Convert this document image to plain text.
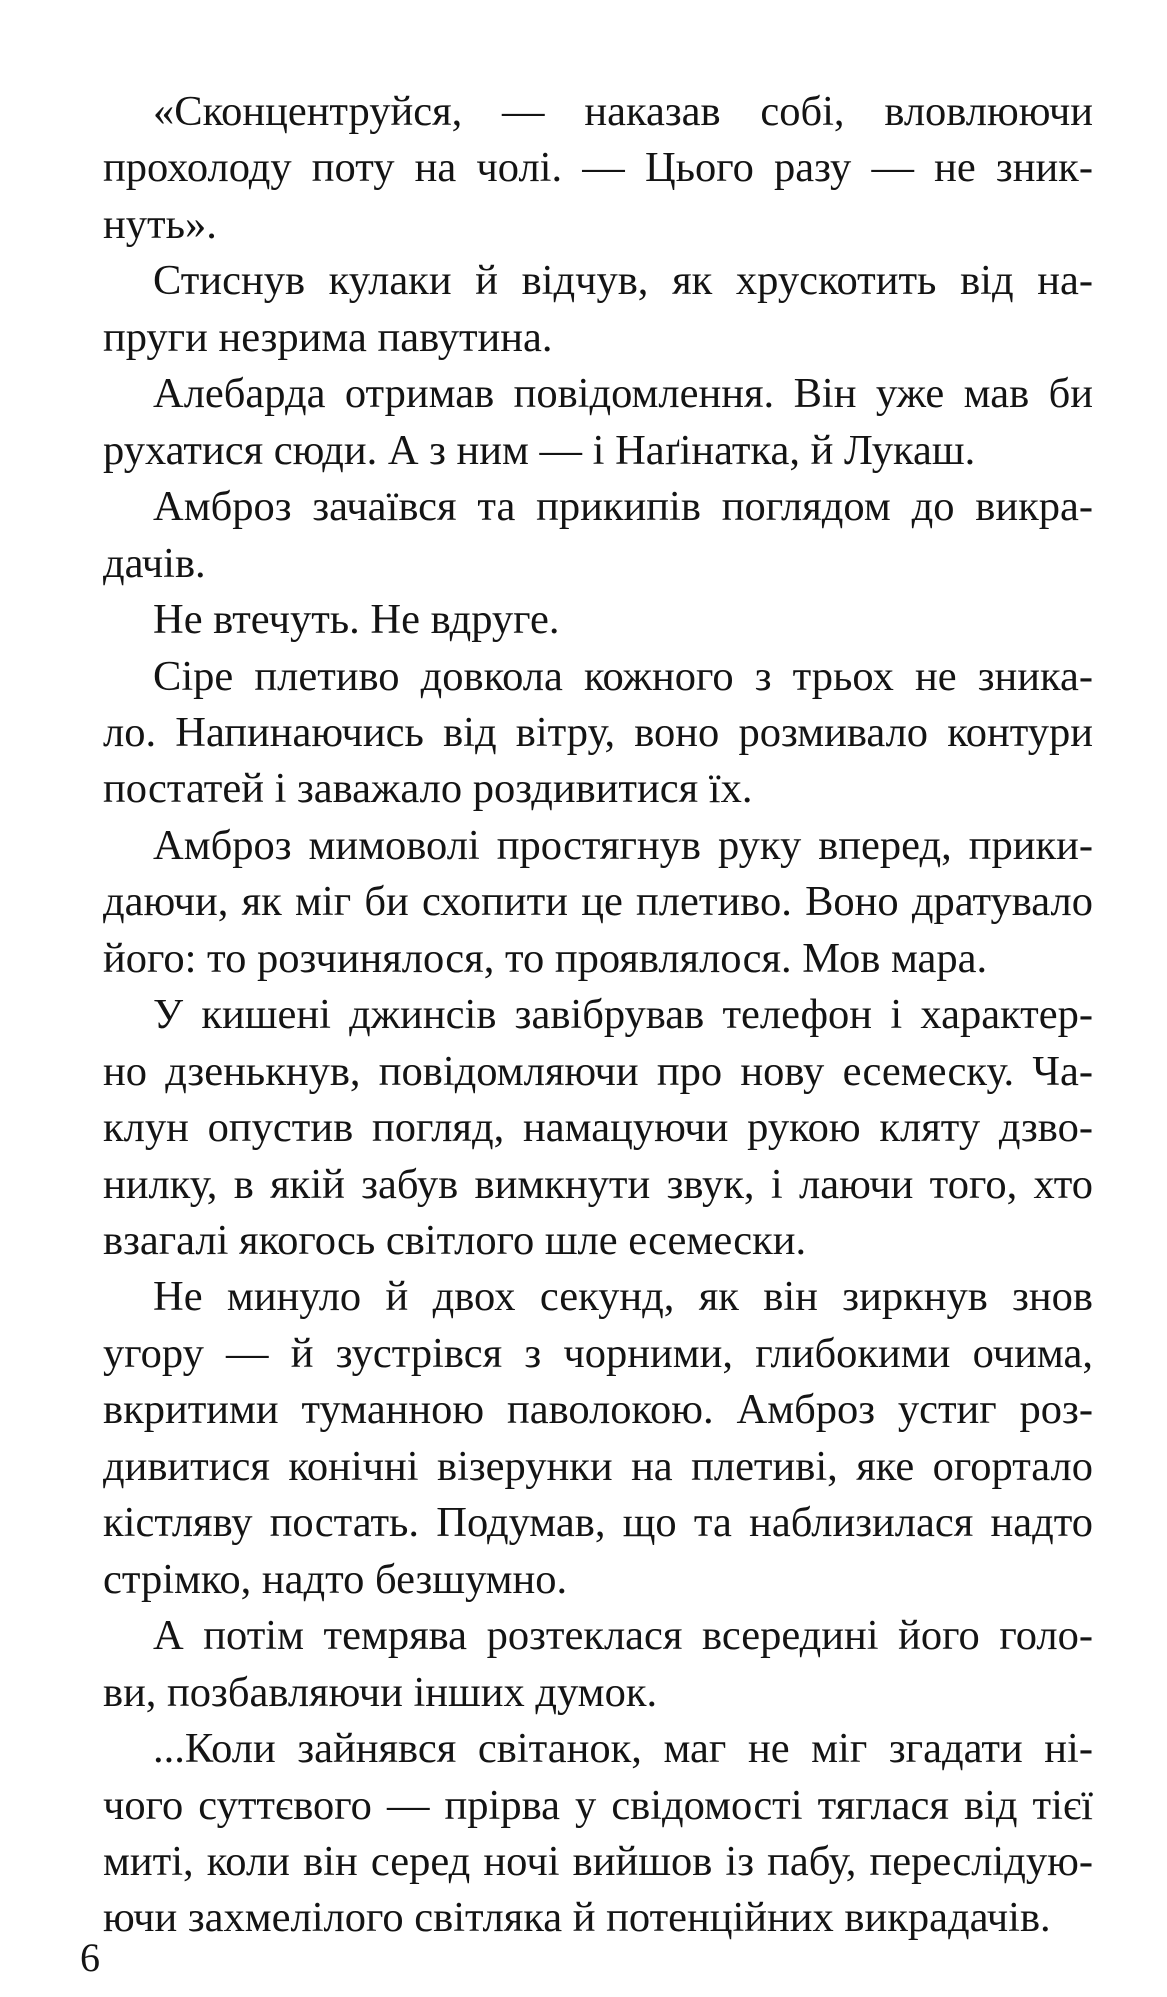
«Сконцентруйся, — наказав собі, вловлюючи
прохолоду поту на чолі. — Цього разу — не зник-
нуть».
Стиснув кулаки й відчув, як хрускотить від на-
пруги незрима павутина.
Алебарда отримав повідомлення. Він уже мав би
рухатися сюди. А з ним — і Наґінатка, й Лукаш.
Амброз зачаївся та прикипів поглядом до викра-
дачів.
Не втечуть. Не вдруге.
Сіре плетиво довкола кожного з трьох не зника-
ло. Напинаючись від вітру, воно розмивало контури
постатей і заважало роздивитися їх.
Амброз мимоволі простягнув руку вперед, прики-
даючи, як міг би схопити це плетиво. Воно дратувало
його: то розчинялося, то проявлялося. Мов мара.
У кишені джинсів завібрував телефон і характер-
но дзенькнув, повідомляючи про нову есемеску. Ча-
клун опустив погляд, намацуючи рукою кляту дзво-
нилку, в якій забув вимкнути звук, і лаючи того, хто
взагалі якогось світлого шле есемески.
Не минуло й двох секунд, як він зиркнув знов
угору — й зустрівся з чорними, глибокими очима,
вкритими туманною паволокою. Амброз устиг роз-
дивитися конічні візерунки на плетиві, яке огортало
кістляву постать. Подумав, що та наблизилася надто
стрімко, надто безшумно.
А потім темрява розтеклася всередині його голо-
ви, позбавляючи інших думок.
...Коли зайнявся світанок, маг не міг згадати ні-
чого суттєвого — прірва у свідомості тяглася від тієї
миті, коли він серед ночі вийшов із пабу, переслідую-
ючи захмелілого світляка й потенційних викрадачів.
6
